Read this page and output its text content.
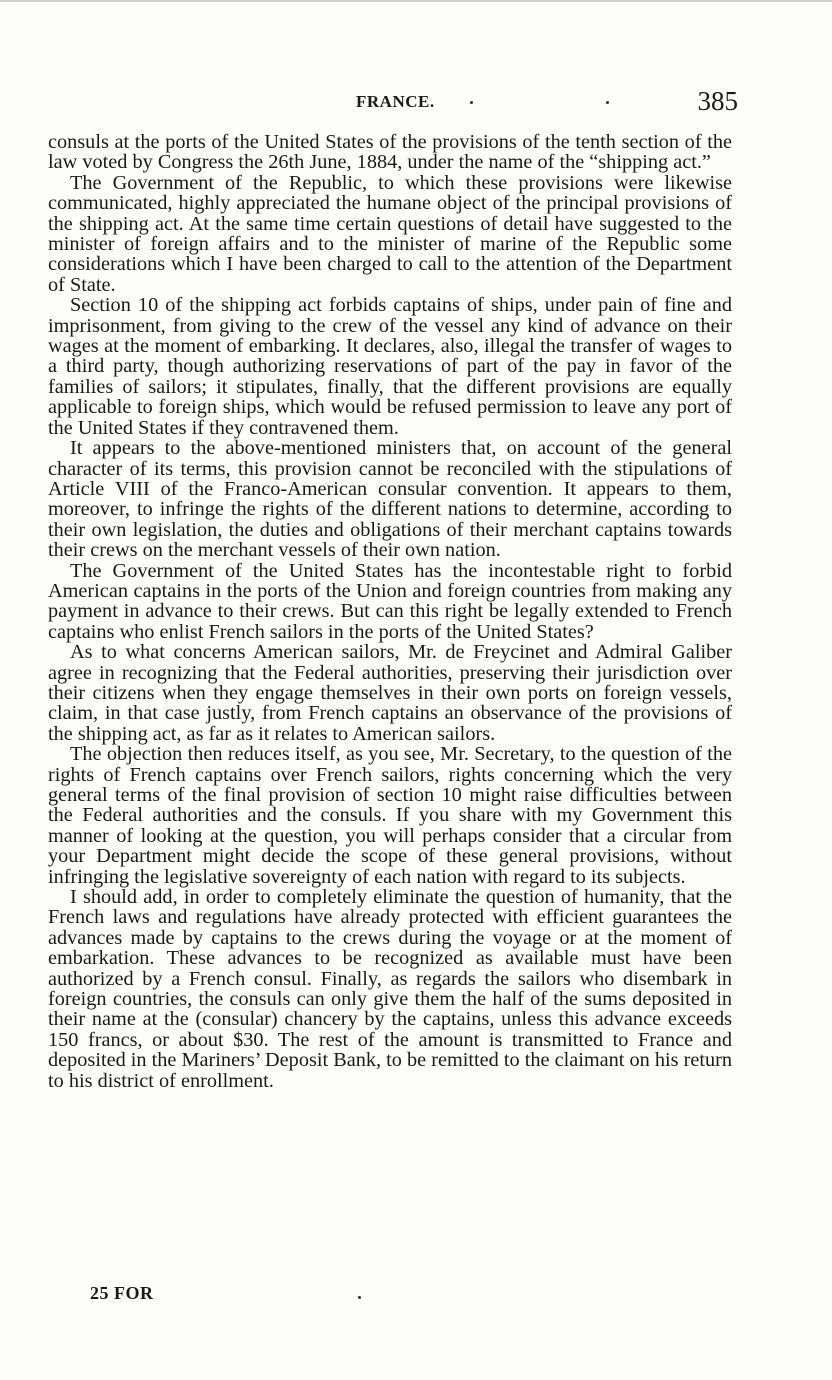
FRANCE.	385

consuls at the ports of the United States of the provisions of the tenth section of the law voted by Congress the 26th June, 1884, under the name of the “shipping act.”

The Government of the Republic, to which these provisions were likewise communicated, highly appreciated the humane object of the principal provisions of the shipping act. At the same time certain questions of detail have suggested to the minister of foreign affairs and to the minister of marine of the Republic some considerations which I have been charged to call to the attention of the Department of State.

Section 10 of the shipping act forbids captains of ships, under pain of fine and imprisonment, from giving to the crew of the vessel any kind of advance on their wages at the moment of embarking. It declares, also, illegal the transfer of wages to a third party, though authorizing reservations of part of the pay in favor of the families of sailors; it stipulates, finally, that the different provisions are equally applicable to foreign ships, which would be refused permission to leave any port of the United States if they contravened them.

It appears to the above-mentioned ministers that, on account of the general character of its terms, this provision cannot be reconciled with the stipulations of Article VIII of the Franco-American consular convention. It appears to them, moreover, to infringe the rights of the different nations to determine, according to their own legislation, the duties and obligations of their merchant captains towards their crews on the merchant vessels of their own nation.

The Government of the United States has the incontestable right to forbid American captains in the ports of the Union and foreign countries from making any payment in advance to their crews. But can this right be legally extended to French captains who enlist French sailors in the ports of the United States?

As to what concerns American sailors, Mr. de Freycinet and Admiral Galiber agree in recognizing that the Federal authorities, preserving their jurisdiction over their citizens when they engage themselves in their own ports on foreign vessels, claim, in that case justly, from French captains an observance of the provisions of the shipping act, as far as it relates to American sailors.

The objection then reduces itself, as you see, Mr. Secretary, to the question of the rights of French captains over French sailors, rights concerning which the very general terms of the final provision of section 10 might raise difficulties between the Federal authorities and the consuls. If you share with my Government this manner of looking at the question, you will perhaps consider that a circular from your Department might decide the scope of these general provisions, without infringing the legislative sovereignty of each nation with regard to its subjects.

I should add, in order to completely eliminate the question of humanity, that the French laws and regulations have already protected with efficient guarantees the advances made by captains to the crews during the voyage or at the moment of embarkation. These advances to be recognized as available must have been authorized by a French consul. Finally, as regards the sailors who disembark in foreign countries, the consuls can only give them the half of the sums deposited in their name at the (consular) chancery by the captains, unless this advance exceeds 150 francs, or about $30. The rest of the amount is transmitted to France and deposited in the Mariners’ Deposit Bank, to be remitted to the claimant on his return to his district of enrollment.

25 FOR
